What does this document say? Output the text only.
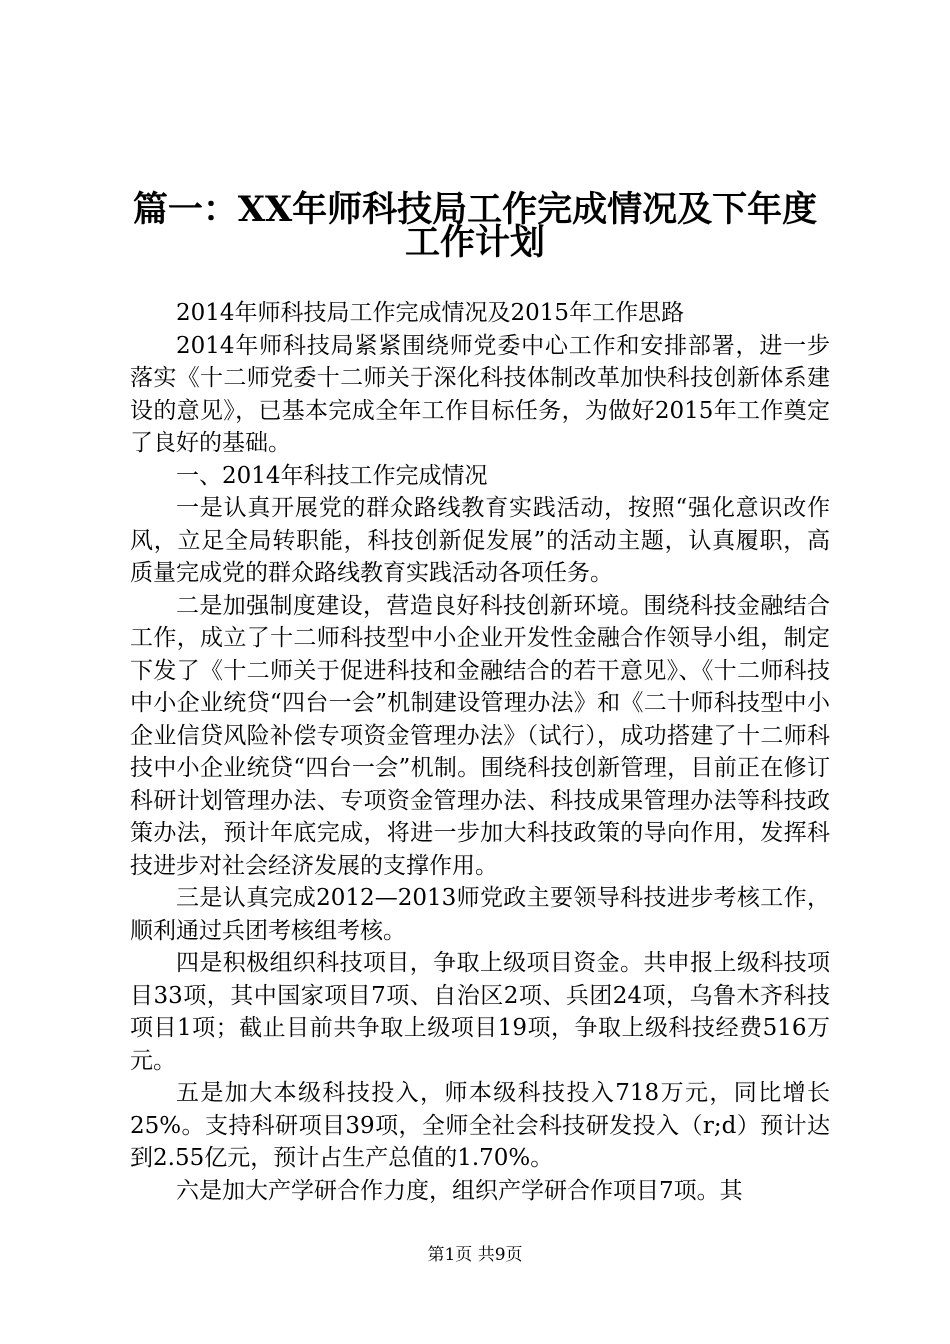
篇一：XX年师科技局工作完成情况及下年度
工作计划

2014年师科技局工作完成情况及2015年工作思路

2014年师科技局紧紧围绕师党委中心工作和安排部署，进一步落实《十二师党委十二师关于深化科技体制改革加快科技创新体系建设的意见》，已基本完成全年工作目标任务，为做好2015年工作奠定了良好的基础。

一、2014年科技工作完成情况

一是认真开展党的群众路线教育实践活动，按照“强化意识改作风，立足全局转职能，科技创新促发展”的活动主题，认真履职，高质量完成党的群众路线教育实践活动各项任务。

二是加强制度建设，营造良好科技创新环境。围绕科技金融结合工作，成立了十二师科技型中小企业开发性金融合作领导小组，制定下发了《十二师关于促进科技和金融结合的若干意见》、《十二师科技中小企业统贷“四台一会”机制建设管理办法》和《二十师科技型中小企业信贷风险补偿专项资金管理办法》（试行），成功搭建了十二师科技中小企业统贷“四台一会”机制。围绕科技创新管理，目前正在修订科研计划管理办法、专项资金管理办法、科技成果管理办法等科技政策办法，预计年底完成，将进一步加大科技政策的导向作用，发挥科技进步对社会经济发展的支撑作用。

三是认真完成2012—2013师党政主要领导科技进步考核工作，顺利通过兵团考核组考核。

四是积极组织科技项目，争取上级项目资金。共申报上级科技项目33项，其中国家项目7项、自治区2项、兵团24项，乌鲁木齐科技项目1项；截止目前共争取上级项目19项，争取上级科技经费516万元。

五是加大本级科技投入，师本级科技投入718万元，同比增长25%。支持科研项目39项，全师全社会科技研发投入（r;d）预计达到2.55亿元，预计占生产总值的1.70%。

六是加大产学研合作力度，组织产学研合作项目7项。其

第1页 共9页
